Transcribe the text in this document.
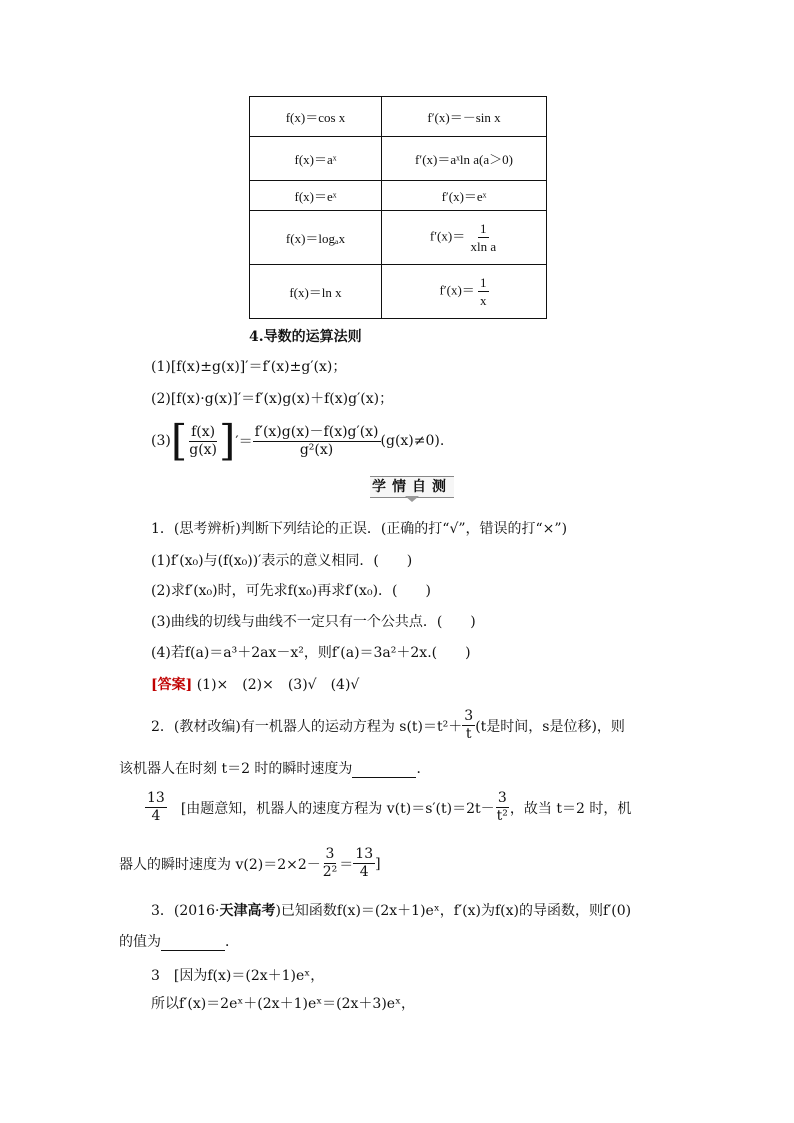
f(x)＝cos x	f′(x)＝－sin x
f(x)＝aˣ	f′(x)＝aˣln a(a＞0)
f(x)＝eˣ	f′(x)＝eˣ
f(x)＝logₐx	$f'(x)= \frac{1}{\text{xln a}}$

f(x)＝ln x	$f'(x)= \frac{1}{x}$
4.导数的运算法则
(1)[f(x)±g(x)]′＝f′(x)±g′(x)；
(2)[f(x)·g(x)]′＝f′(x)g(x)＋f(x)g′(x)；
(3) [ $\frac{f(x)}{g(x)}$ ] ′＝ $\frac{f'(x)g(x)-f(x)g'(x)}{\text{g²(x)}} (g(x)\ne 0)$.
学情自测
1．(思考辨析)判断下列结论的正误．(正确的打“√”，错误的打“×”)
(1)f′(x₀)与(f(x₀))′表示的意义相同．(　　)
(2)求f′(x₀)时，可先求f(x₀)再求f′(x₀)．(　　)
(3)曲线的切线与曲线不一定只有一个公共点．(　　)
(4)若f(a)＝a³＋2ax－x²，则f′(a)＝3a²＋2x.(　　)
[答案] (1)×　(2)×　(3)√　(4)√
2．(教材改编)有一机器人的运动方程为 $s(t)=t^2+ \frac{3}{t} (t$是时间，s是位移)，则
该机器人在时刻 t＝2 时的瞬时速度为	．
$\frac{13}{4}$ [由题意知，机器人的速度方程为 $v(t)=s'(t)=2t- \frac{3}{\text{t²}}$ ，故当 t＝2 时，机
器人的瞬时速度为 $v(2)=2\times 2- \frac{3}{\text{2²}} = \frac{13}{4}$ ]
3．(2016·天津高考)已知函数f(x)＝(2x＋1)eˣ，f′(x)为f(x)的导函数，则f′(0)
的值为	．
3　[因为f(x)＝(2x＋1)eˣ，
所以f′(x)＝2eˣ＋(2x＋1)eˣ＝(2x＋3)eˣ，
